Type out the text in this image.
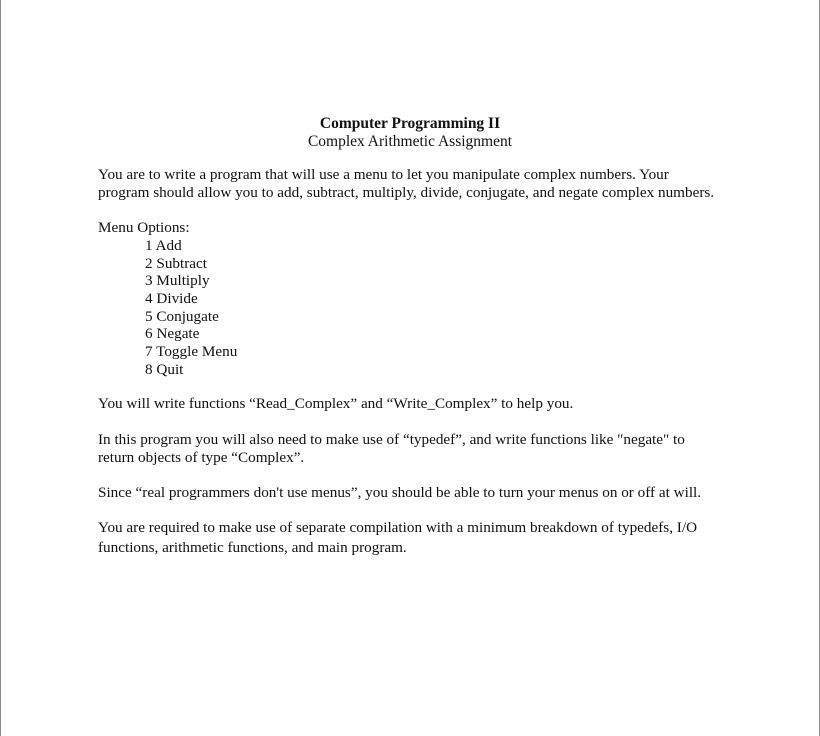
Computer Programming II
Complex Arithmetic Assignment
You are to write a program that will use a menu to let you manipulate complex numbers. Your
program should allow you to add, subtract, multiply, divide, conjugate, and negate complex numbers.
Menu Options:
1 Add
2 Subtract
3 Multiply
4 Divide
5 Conjugate
6 Negate
7 Toggle Menu
8 Quit
You will write functions “Read_Complex” and “Write_Complex” to help you.
In this program you will also need to make use of “typedef”, and write functions like "negate" to
return objects of type “Complex”.
Since “real programmers don't use menus”, you should be able to turn your menus on or off at will.
You are required to make use of separate compilation with a minimum breakdown of typedefs, I/O
functions, arithmetic functions, and main program.
